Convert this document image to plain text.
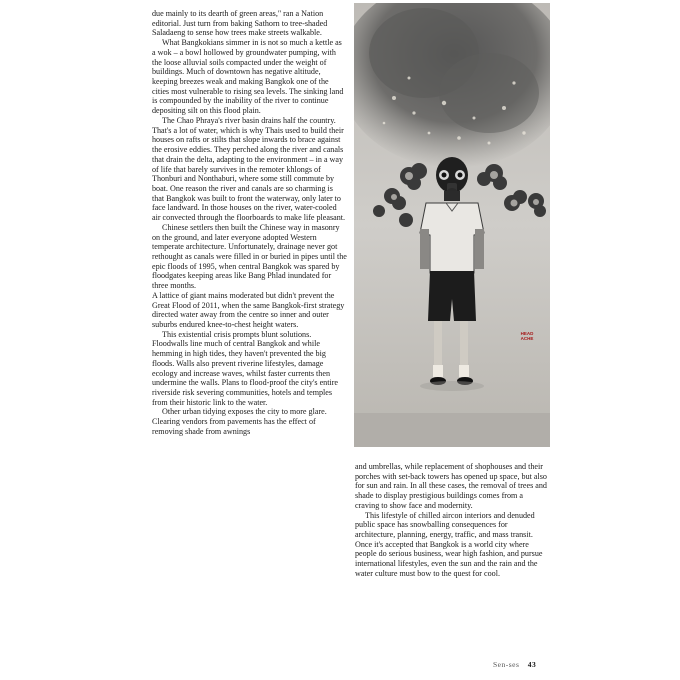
due mainly to its dearth of green areas," ran a Nation editorial. Just turn from baking Sathorn to tree-shaded Saladaeng to sense how trees make streets walkable.

What Bangkokians simmer in is not so much a kettle as a wok – a bowl hollowed by groundwater pumping, with the loose alluvial soils compacted under the weight of buildings. Much of downtown has negative altitude, keeping breezes weak and making Bangkok one of the cities most vulnerable to rising sea levels. The sinking land is compounded by the inability of the river to continue depositing silt on this flood plain.

The Chao Phraya's river basin drains half the country. That's a lot of water, which is why Thais used to build their houses on rafts or stilts that slope inwards to brace against the erosive eddies. They perched along the river and canals that drain the delta, adapting to the environment – in a way of life that barely survives in the remoter khlongs of Thonburi and Nonthaburi, where some still commute by boat. One reason the river and canals are so charming is that Bangkok was built to front the waterway, only later to face landward. In those houses on the river, water-cooled air convected through the floorboards to make life pleasant.

Chinese settlers then built the Chinese way in masonry on the ground, and later everyone adopted Western temperate architecture. Unfortunately, drainage never got rethought as canals were filled in or buried in pipes until the epic floods of 1995, when central Bangkok was spared by floodgates keeping areas like Bang Phlad inundated for three months.

A lattice of giant mains moderated but didn't prevent the Great Flood of 2011, when the same Bangkok-first strategy directed water away from the centre so inner and outer suburbs endured knee-to-chest height waters.

This existential crisis prompts blunt solutions. Floodwalls line much of central Bangkok and while hemming in high tides, they haven't prevented the big floods. Walls also prevent riverine lifestyles, damage ecology and increase waves, whilst faster currents then undermine the walls. Plans to flood-proof the city's entire riverside risk severing communities, hotels and temples from their historic link to the water.

Other urban tidying exposes the city to more glare. Clearing vendors from pavements has the effect of removing shade from awnings

HEAD ACHE

and umbrellas, while replacement of shophouses and their porches with set-back towers has opened up space, but also for sun and rain. In all these cases, the removal of trees and shade to display prestigious buildings comes from a craving to show face and modernity.

This lifestyle of chilled aircon interiors and denuded public space has snowballing consequences for architecture, planning, energy, traffic, and mass transit. Once it's accepted that Bangkok is a world city where people do serious business, wear high fashion, and pursue international lifestyles, even the sun and the rain and the water culture must bow to the quest for cool.

Sen-ses 43
